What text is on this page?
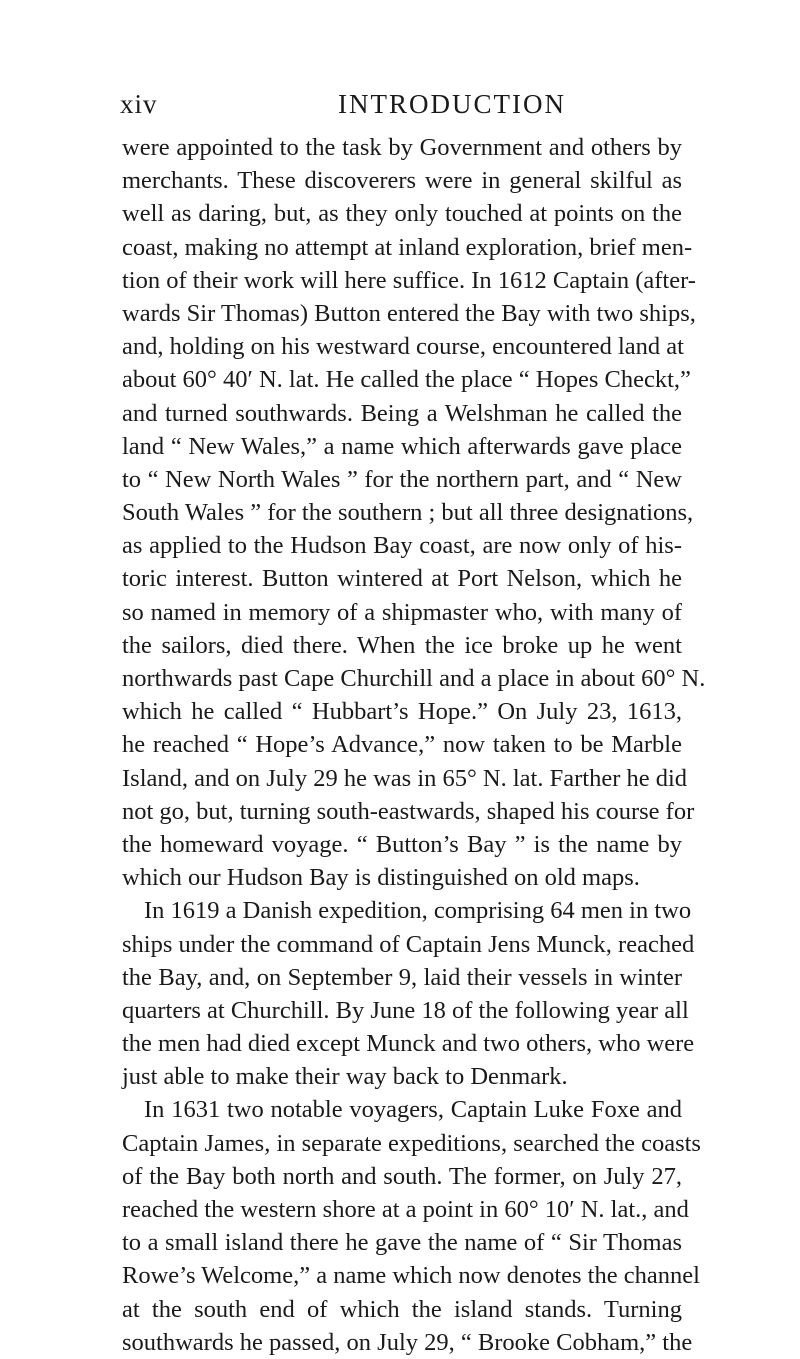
xiv	INTRODUCTION
were appointed to the task by Government and others by
merchants. These discoverers were in general skilful as
well as daring, but, as they only touched at points on the
coast, making no attempt at inland exploration, brief men-
tion of their work will here suffice. In 1612 Captain (after-
wards Sir Thomas) Button entered the Bay with two ships,
and, holding on his westward course, encountered land at
about 60° 40′ N. lat. He called the place “ Hopes Checkt,”
and turned southwards. Being a Welshman he called the
land “ New Wales,” a name which afterwards gave place
to “ New North Wales ” for the northern part, and “ New
South Wales ” for the southern ; but all three designations,
as applied to the Hudson Bay coast, are now only of his-
toric interest. Button wintered at Port Nelson, which he
so named in memory of a shipmaster who, with many of
the sailors, died there. When the ice broke up he went
northwards past Cape Churchill and a place in about 60° N.
which he called “ Hubbart’s Hope.” On July 23, 1613,
he reached “ Hope’s Advance,” now taken to be Marble
Island, and on July 29 he was in 65° N. lat. Farther he did
not go, but, turning south-eastwards, shaped his course for
the homeward voyage. “ Button’s Bay ” is the name by
which our Hudson Bay is distinguished on old maps.
In 1619 a Danish expedition, comprising 64 men in two
ships under the command of Captain Jens Munck, reached
the Bay, and, on September 9, laid their vessels in winter
quarters at Churchill. By June 18 of the following year all
the men had died except Munck and two others, who were
just able to make their way back to Denmark.
In 1631 two notable voyagers, Captain Luke Foxe and
Captain James, in separate expeditions, searched the coasts
of the Bay both north and south. The former, on July 27,
reached the western shore at a point in 60° 10′ N. lat., and
to a small island there he gave the name of “ Sir Thomas
Rowe’s Welcome,” a name which now denotes the channel
at the south end of which the island stands. Turning
southwards he passed, on July 29, “ Brooke Cobham,” the
